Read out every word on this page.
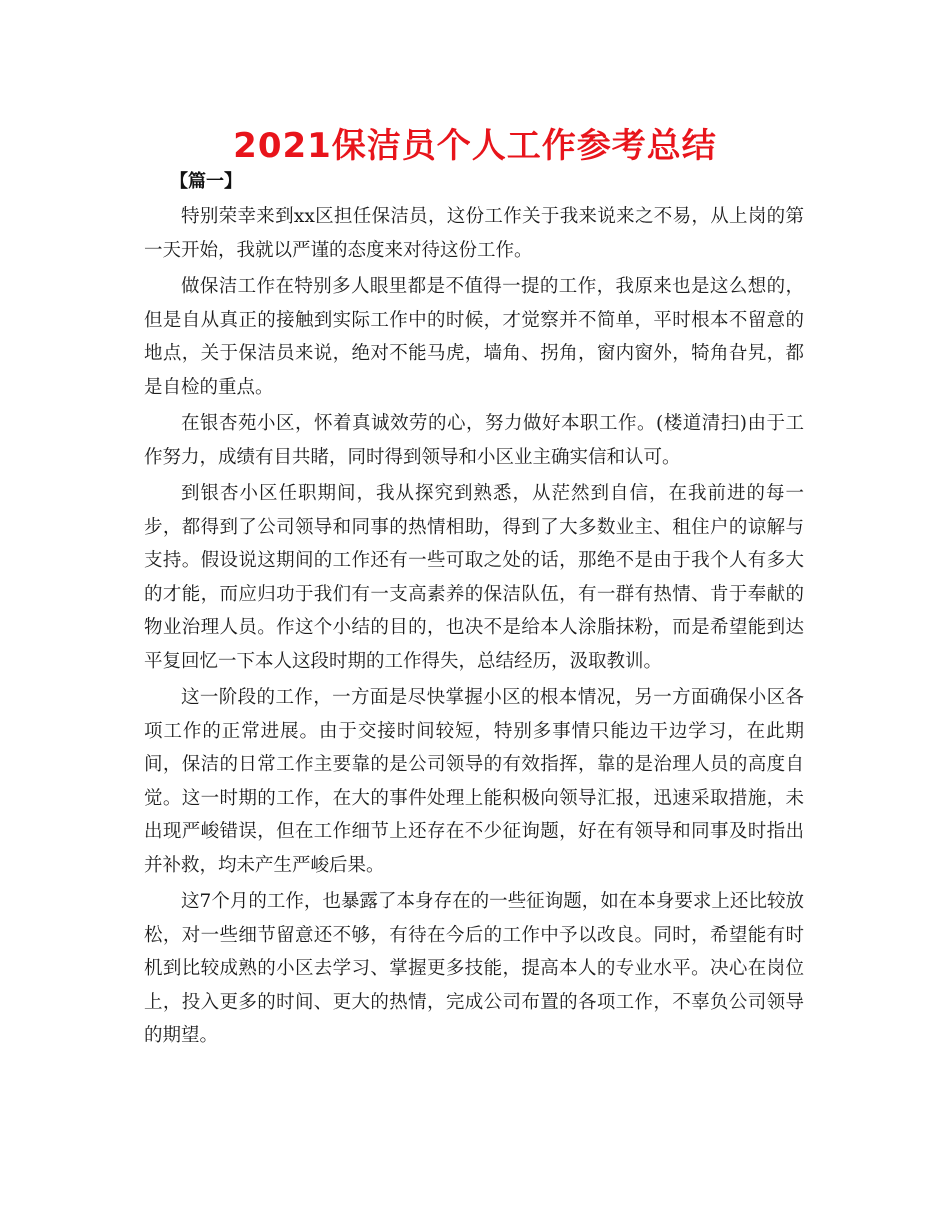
2021保洁员个人工作参考总结
【篇一】

特别荣幸来到xx区担任保洁员，这份工作关于我来说来之不易，从上岗的第一天开始，我就以严谨的态度来对待这份工作。

做保洁工作在特别多人眼里都是不值得一提的工作，我原来也是这么想的，但是自从真正的接触到实际工作中的时候，才觉察并不简单，平时根本不留意的地点，关于保洁员来说，绝对不能马虎，墙角、拐角，窗内窗外，犄角旮旯，都是自检的重点。

在银杏苑小区，怀着真诚效劳的心，努力做好本职工作。(楼道清扫)由于工作努力，成绩有目共睹，同时得到领导和小区业主确实信和认可。

到银杏小区任职期间，我从探究到熟悉，从茫然到自信，在我前进的每一步，都得到了公司领导和同事的热情相助，得到了大多数业主、租住户的谅解与支持。假设说这期间的工作还有一些可取之处的话，那绝不是由于我个人有多大的才能，而应归功于我们有一支高素养的保洁队伍，有一群有热情、肯于奉献的物业治理人员。作这个小结的目的，也决不是给本人涂脂抹粉，而是希望能到达平复回忆一下本人这段时期的工作得失，总结经历，汲取教训。

这一阶段的工作，一方面是尽快掌握小区的根本情况，另一方面确保小区各项工作的正常进展。由于交接时间较短，特别多事情只能边干边学习，在此期间，保洁的日常工作主要靠的是公司领导的有效指挥，靠的是治理人员的高度自觉。这一时期的工作，在大的事件处理上能积极向领导汇报，迅速采取措施，未出现严峻错误，但在工作细节上还存在不少征询题，好在有领导和同事及时指出并补救，均未产生严峻后果。

这7个月的工作，也暴露了本身存在的一些征询题，如在本身要求上还比较放松，对一些细节留意还不够，有待在今后的工作中予以改良。同时，希望能有时机到比较成熟的小区去学习、掌握更多技能，提高本人的专业水平。决心在岗位上，投入更多的时间、更大的热情，完成公司布置的各项工作，不辜负公司领导的期望。
